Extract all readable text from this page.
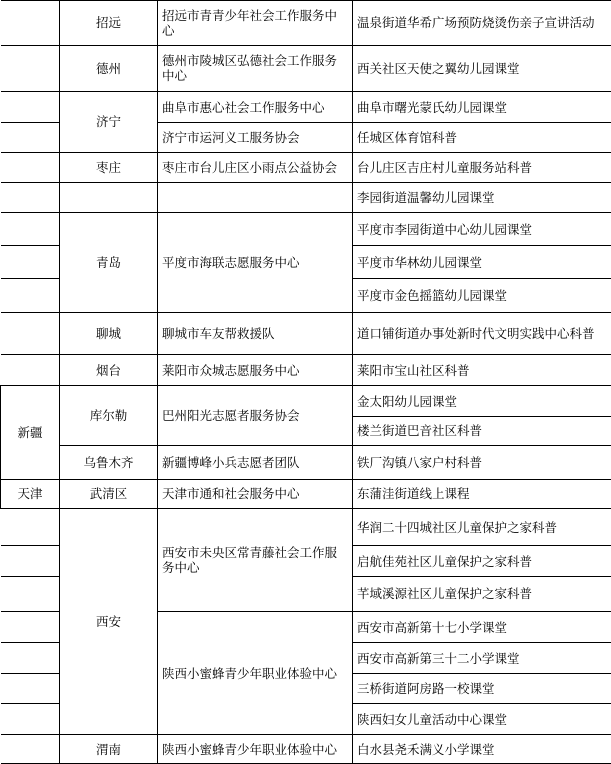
	招远	招远市青青少年社会工作服务中心	温泉街道华希广场预防烧烫伤亲子宣讲活动
	德州	德州市陵城区弘德社会工作服务中心	西关社区天使之翼幼儿园课堂
	济宁	曲阜市惠心社会工作服务中心	曲阜市曙光蒙氏幼儿园课堂
		济宁市运河义工服务协会	任城区体育馆科普
	枣庄	枣庄市台儿庄区小雨点公益协会	台儿庄区吉庄村儿童服务站科普
			李园街道温馨幼儿园课堂
	青岛	平度市海联志愿服务中心	平度市李园街道中心幼儿园课堂
			平度市华林幼儿园课堂
			平度市金色摇篮幼儿园课堂
	聊城	聊城市车友帮救援队	道口铺街道办事处新时代文明实践中心科普
	烟台	莱阳市众城志愿服务中心	莱阳市宝山社区科普
新疆	库尔勒	巴州阳光志愿者服务协会	金太阳幼儿园课堂
			楼兰街道巴音社区科普
	乌鲁木齐	新疆博峰小兵志愿者团队	铁厂沟镇八家户村科普
天津	武清区	天津市通和社会服务中心	东蒲洼街道线上课程
	西安	西安市未央区常青藤社会工作服务中心	华润二十四城社区儿童保护之家科普
			启航佳苑社区儿童保护之家科普
			芊域溪源社区儿童保护之家科普
		陕西小蜜蜂青少年职业体验中心	西安市高新第十七小学课堂
			西安市高新第三十二小学课堂
			三桥街道阿房路一校课堂
			陕西妇女儿童活动中心课堂
	渭南	陕西小蜜蜂青少年职业体验中心	白水县尧禾满义小学课堂
